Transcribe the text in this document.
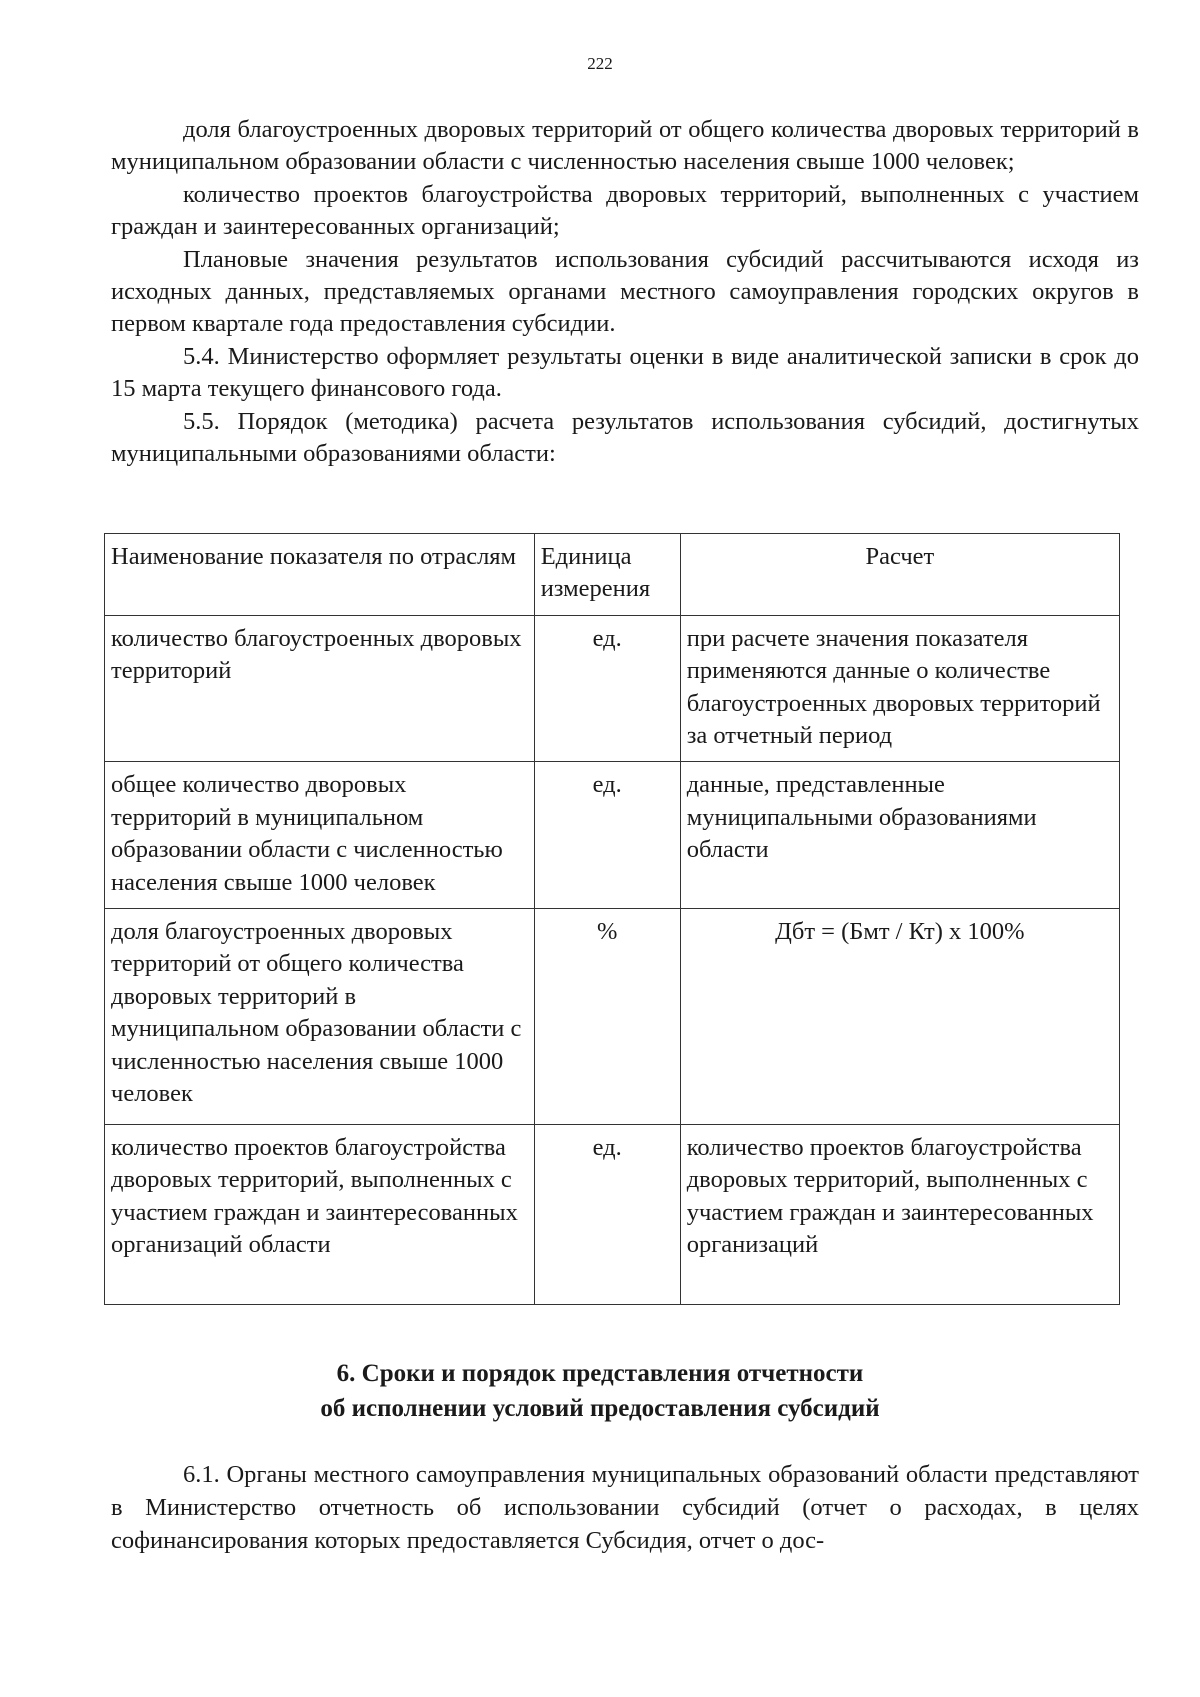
222

доля благоустроенных дворовых территорий от общего количества дворовых территорий в муниципальном образовании области с численностью населения свыше 1000 человек;

количество проектов благоустройства дворовых территорий, выполненных с участием граждан и заинтересованных организаций;

Плановые значения результатов использования субсидий рассчитываются исходя из исходных данных, представляемых органами местного самоуправления городских округов в первом квартале года предоставления субсидии.

5.4. Министерство оформляет результаты оценки в виде аналитической записки в срок до 15 марта текущего финансового года.

5.5. Порядок (методика) расчета результатов использования субсидий, достигнутых муниципальными образованиями области:

Наименование показателя по отраслям	Единица измерения	Расчет
количество благоустроенных дворовых территорий	ед.	при расчете значения показателя применяются данные о количестве благоустроенных дворовых территорий за отчетный период
общее количество дворовых территорий в муниципальном образовании области с численностью населения свыше 1000 человек	ед.	данные, представленные муниципальными образованиями области
доля благоустроенных дворовых территорий от общего количества дворовых территорий в муниципальном образовании области с численностью населения свыше 1000 человек	%	Дбт = (Бмт / Кт) х 100%
количество проектов благоустройства дворовых территорий, выполненных с участием граждан и заинтересованных организаций области	ед.	количество проектов благоустройства дворовых территорий, выполненных с участием граждан и заинтересованных организаций
6. Сроки и порядок представления отчетности
об исполнении условий предоставления субсидий

6.1. Органы местного самоуправления муниципальных образований области представляют в Министерство отчетность об использовании субсидий (отчет о расходах, в целях софинансирования которых предоставляется Субсидия, отчет о дос-
